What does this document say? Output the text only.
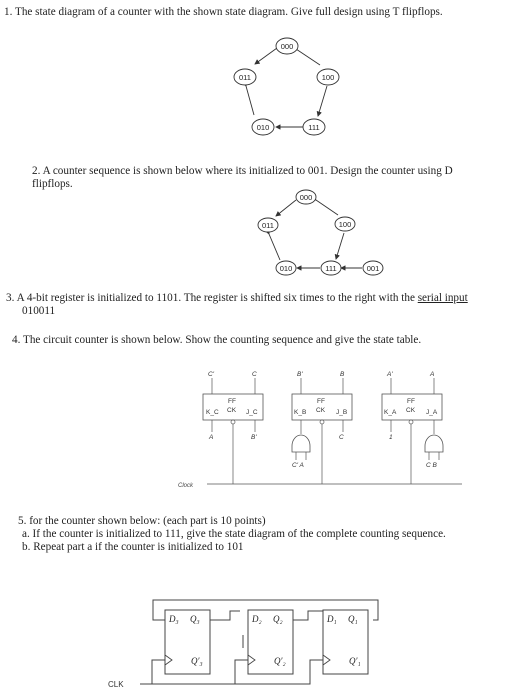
1. The state diagram of a counter with the shown state diagram. Give full design using T flipflops.
000
100
111
010
011
2. A counter sequence is shown below where its initialized to 001. Design the counter using D
flipflops.
000
100
111
010
011
001
3. A 4-bit register is initialized to 1101. The register is shifted six times to the right with the serial input
010011
4. The circuit counter is shown below. Show the counting sequence and give the state table.
Clock
C'	C
FF
K_C CK J_C
A	B'
B'	B
FF
K_B CK J_B
C
C' A
A'	A
FF
K_A CK J_A
1
C B
5. for the counter shown below: (each part is 10 points)
a. If the counter is initialized to 111, give the state diagram of the complete counting sequence.
b. Repeat part a if the counter is initialized to 101
D₃ Q₃
Q′₃
D₂ Q₂
Q′₂
D₁ Q₁
Q′₁
CLK
